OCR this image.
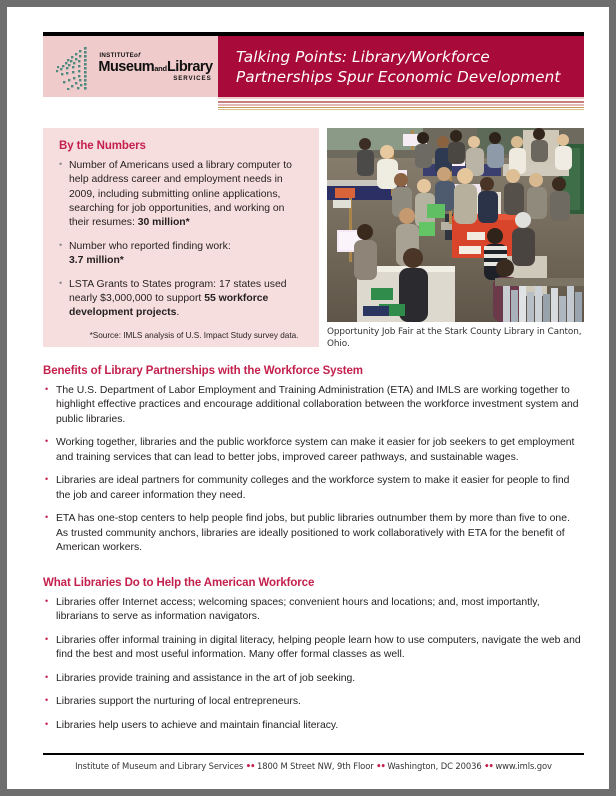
INSTITUTEof
MuseumandLibrary
SERVICES
Talking Points: Library/Workforce Partnerships Spur Economic Development
By the Numbers
• Number of Americans used a library computer to help address career and employment needs in 2009, including submitting online applications, searching for job opportunities, and working on their resumes: 30 million*
• Number who reported finding work:
3.7 million*
• LSTA Grants to States program: 17 states used nearly $3,000,000 to support 55 workforce development projects.
*Source: IMLS analysis of U.S. Impact Study survey data.	Opportunity Job Fair at the Stark County Library in Canton, Ohio.
Benefits of Library Partnerships with the Workforce System
• The U.S. Department of Labor Employment and Training Administration (ETA) and IMLS are working together to highlight effective practices and encourage additional collaboration between the workforce investment system and public libraries.
• Working together, libraries and the public workforce system can make it easier for job seekers to get employment and training services that can lead to better jobs, improved career pathways, and sustainable wages.
• Libraries are ideal partners for community colleges and the workforce system to make it easier for people to find the job and career information they need.
• ETA has one-stop centers to help people find jobs, but public libraries outnumber them by more than five to one. As trusted community anchors, libraries are ideally positioned to work collaboratively with ETA for the benefit of American workers.
What Libraries Do to Help the American Workforce
• Libraries offer Internet access; welcoming spaces; convenient hours and locations; and, most importantly, librarians to serve as information navigators.
• Libraries offer informal training in digital literacy, helping people learn how to use computers, navigate the web and find the best and most useful information. Many offer formal classes as well.
• Libraries provide training and assistance in the art of job seeking.
• Libraries support the nurturing of local entrepreneurs.
• Libraries help users to achieve and maintain financial literacy.
Institute of Museum and Library Services •• 1800 M Street NW, 9th Floor •• Washington, DC 20036 •• www.imls.gov
